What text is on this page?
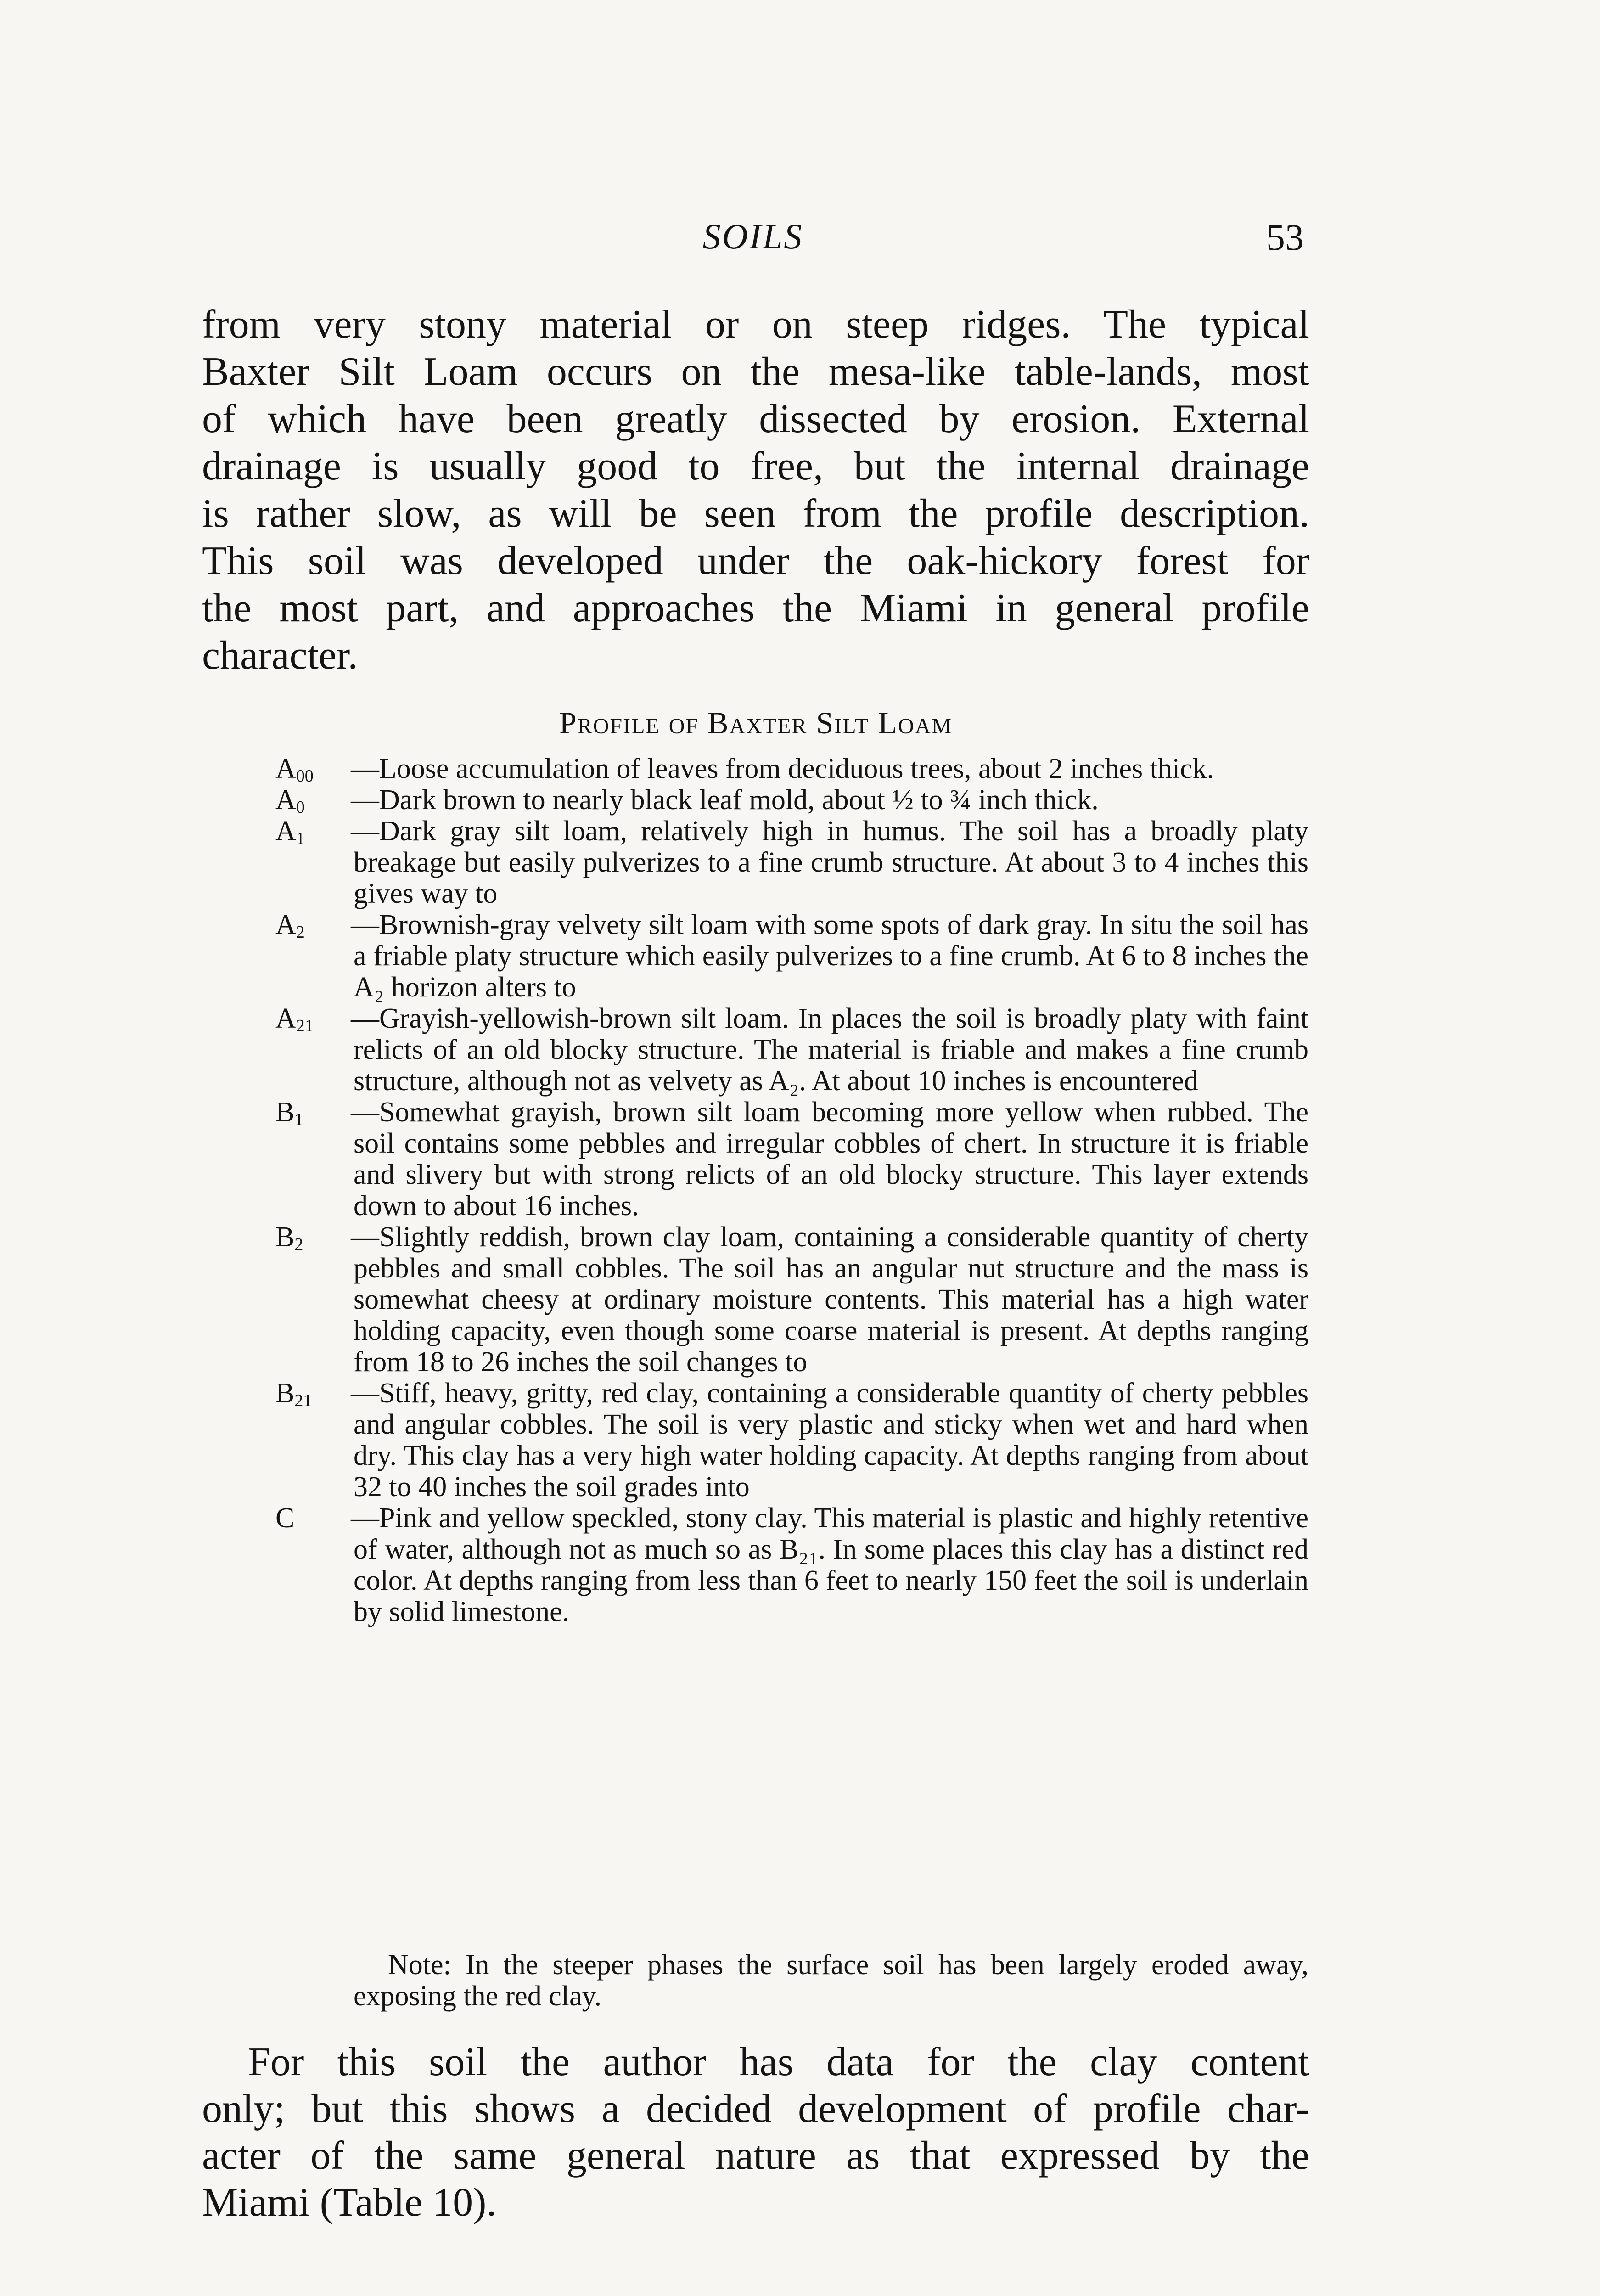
SOILS	53
from very stony material or on steep ridges. The typical
Baxter Silt Loam occurs on the mesa-like table-lands, most
of which have been greatly dissected by erosion. External
drainage is usually good to free, but the internal drainage
is rather slow, as will be seen from the profile description.
This soil was developed under the oak-hickory forest for
the most part, and approaches the Miami in general profile
character.
Profile of Baxter Silt Loam
$A_{00}$	— Loose accumulation of leaves from deciduous trees, about 2 inches thick.
$A_0$	— Dark brown to nearly black leaf mold, about ½ to ¾ inch thick.
$A_1$	— Dark gray silt loam, relatively high in humus. The soil has a broadly platy breakage but easily pulverizes to a fine crumb structure. At about 3 to 4 inches this gives way to
$A_2$	— Brownish-gray velvety silt loam with some spots of dark gray. In situ the soil has a friable platy structure which easily pulverizes to a fine crumb. At 6 to 8 inches the A₂ horizon alters to
$A_{21}$	— Grayish-yellowish-brown silt loam. In places the soil is broadly platy with faint relicts of an old blocky structure. The material is friable and makes a fine crumb structure, although not as velvety as A₂. At about 10 inches is encountered
$B_1$	— Somewhat grayish, brown silt loam becoming more yellow when rubbed. The soil contains some pebbles and irregular cobbles of chert. In structure it is friable and slivery but with strong relicts of an old blocky structure. This layer extends down to about 16 inches.
$B_2$	— Slightly reddish, brown clay loam, containing a considerable quantity of cherty pebbles and small cobbles. The soil has an angular nut structure and the mass is somewhat cheesy at ordinary moisture contents. This material has a high water holding capacity, even though some coarse material is present. At depths ranging from 18 to 26 inches the soil changes to
$B_{21}$	— Stiff, heavy, gritty, red clay, containing a considerable quantity of cherty pebbles and angular cobbles. The soil is very plastic and sticky when wet and hard when dry. This clay has a very high water holding capacity. At depths ranging from about 32 to 40 inches the soil grades into
C	— Pink and yellow speckled, stony clay. This material is plastic and highly retentive of water, although not as much so as B₂₁. In some places this clay has a distinct red color. At depths ranging from less than 6 feet to nearly 150 feet the soil is underlain by solid limestone.
Note: In the steeper phases the surface soil has been largely eroded away, exposing the red clay.
For this soil the author has data for the clay content
only; but this shows a decided development of profile char-
acter of the same general nature as that expressed by the
Miami (Table 10).
